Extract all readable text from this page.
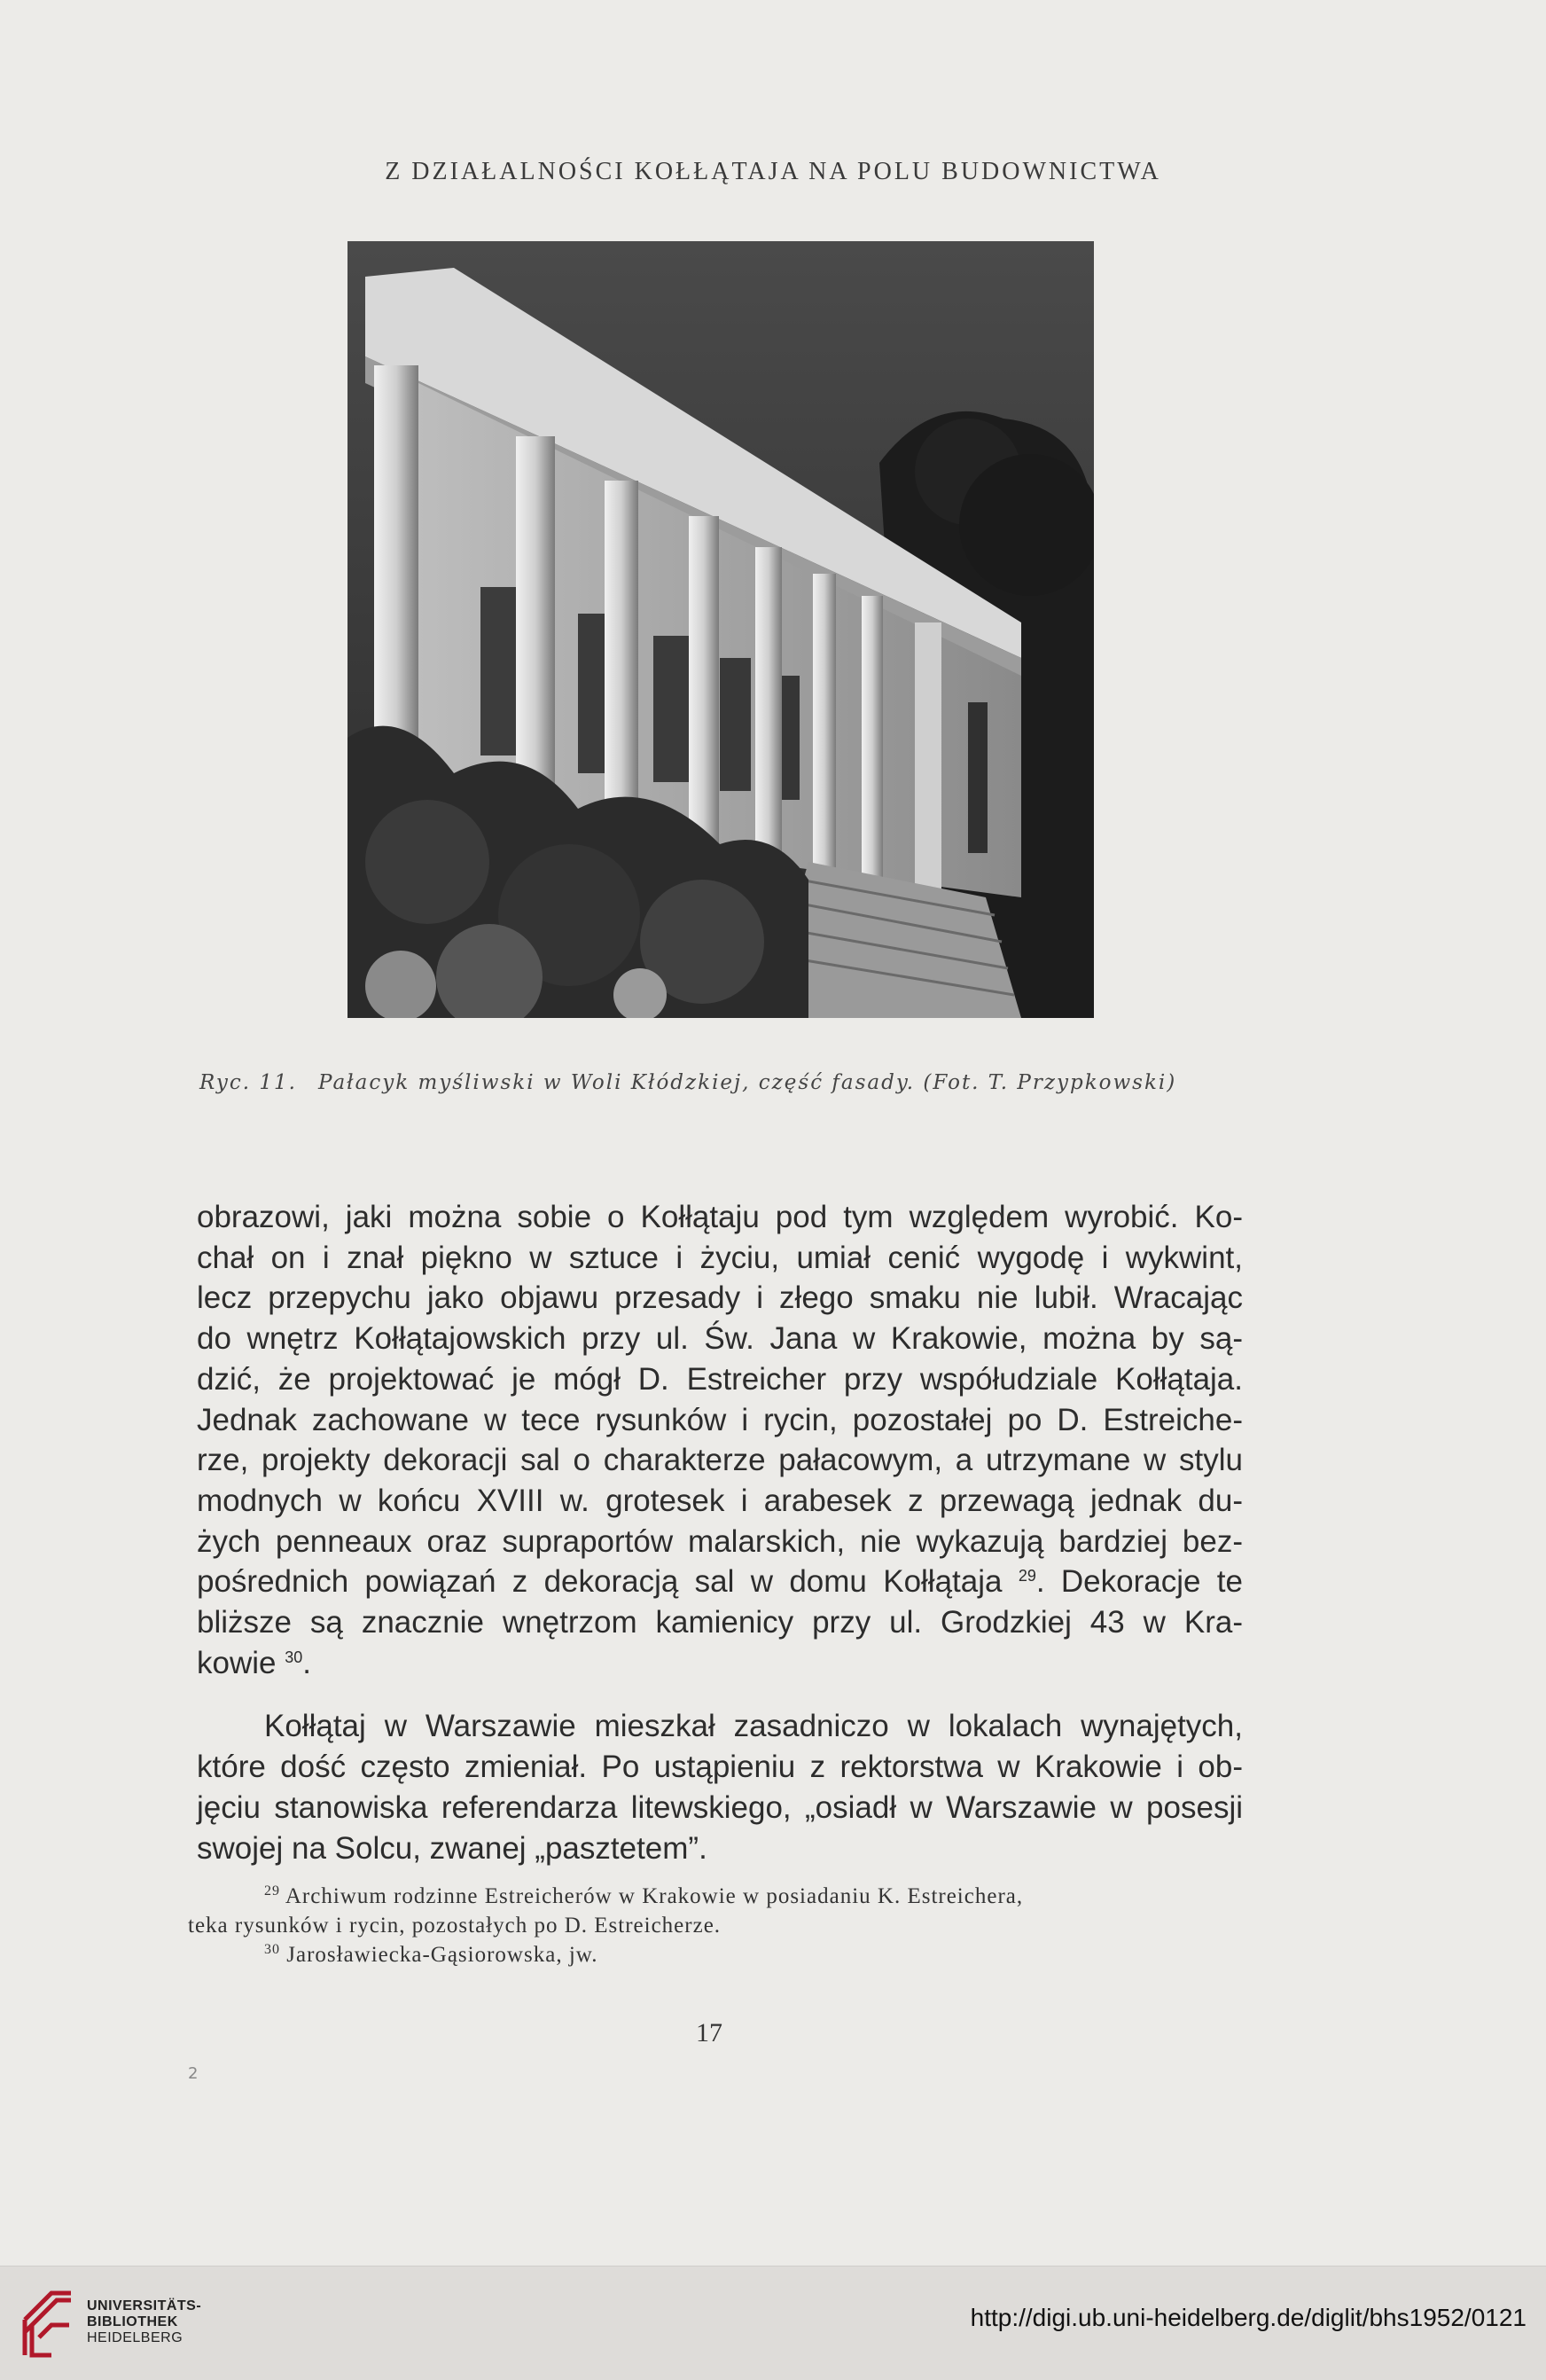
Z DZIAŁALNOŚCI KOŁŁĄTAJA NA POLU BUDOWNICTWA
Ryc. 11. Pałacyk myśliwski w Woli Kłódzkiej, część fasady. (Fot. T. Przypkowski)

obrazowi, jaki można sobie o Kołłątaju pod tym względem wyrobić. Ko-
chał on i znał piękno w sztuce i życiu, umiał cenić wygodę i wykwint,
lecz przepychu jako objawu przesady i złego smaku nie lubił. Wracając
do wnętrz Kołłątajowskich przy ul. Św. Jana w Krakowie, można by są-
dzić, że projektować je mógł D. Estreicher przy współudziale Kołłątaja.
Jednak zachowane w tece rysunków i rycin, pozostałej po D. Estreiche-
rze, projekty dekoracji sal o charakterze pałacowym, a utrzymane w stylu
modnych w końcu XVIII w. grotesek i arabesek z przewagą jednak du-
żych penneaux oraz supraportów malarskich, nie wykazują bardziej bez-
pośrednich powiązań z dekoracją sal w domu Kołłątaja $^{29}$. Dekoracje te
bliższe są znacznie wnętrzom kamienicy przy ul. Grodzkiej 43 w Kra-
kowie $^{30}$.

Kołłątaj w Warszawie mieszkał zasadniczo w lokalach wynajętych,
które dość często zmieniał. Po ustąpieniu z rektorstwa w Krakowie i ob-
jęciu stanowiska referendarza litewskiego, „osiadł w Warszawie w posesji
swojej na Solcu, zwanej „pasztetem”.

$^{29}$ Archiwum rodzinne Estreicherów w Krakowie w posiadaniu K. Estreichera,
teka rysunków i rycin, pozostałych po D. Estreicherze.
$^{30}$ Jarosławiecka-Gąsiorowska, jw.
17
2
UNIVERSITÄTS-
BIBLIOTHEK
HEIDELBERG
http://digi.ub.uni-heidelberg.de/diglit/bhs1952/0121
